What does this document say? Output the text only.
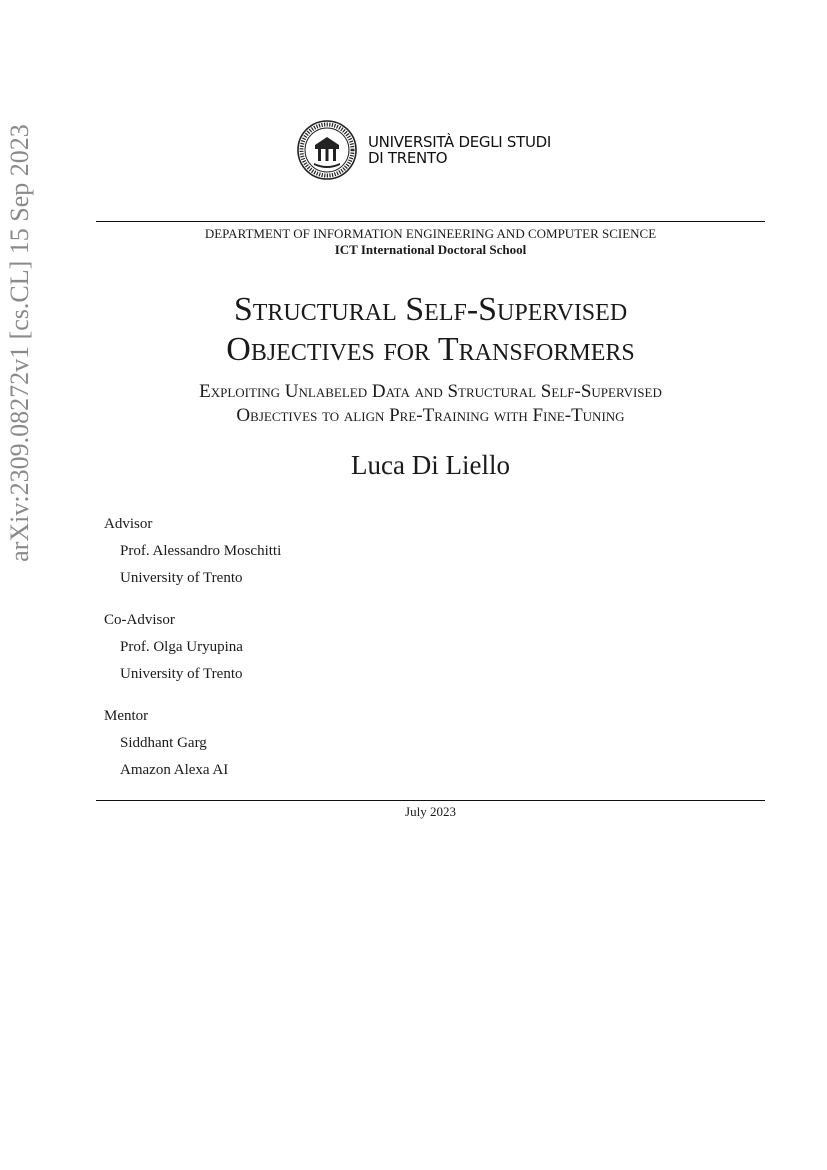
arXiv:2309.08272v1 [cs.CL] 15 Sep 2023	UNIVERSITÀ DEGLI STUDI
DI TRENTO
DEPARTMENT OF INFORMATION ENGINEERING AND COMPUTER SCIENCE
ICT International Doctoral School
Structural Self-Supervised
Objectives for Transformers
Exploiting Unlabeled Data and Structural Self-Supervised
Objectives to align Pre-Training with Fine-Tuning
Luca Di Liello
Advisor
Prof. Alessandro Moschitti
University of Trento
Co-Advisor
Prof. Olga Uryupina
University of Trento
Mentor
Siddhant Garg
Amazon Alexa AI
July 2023
